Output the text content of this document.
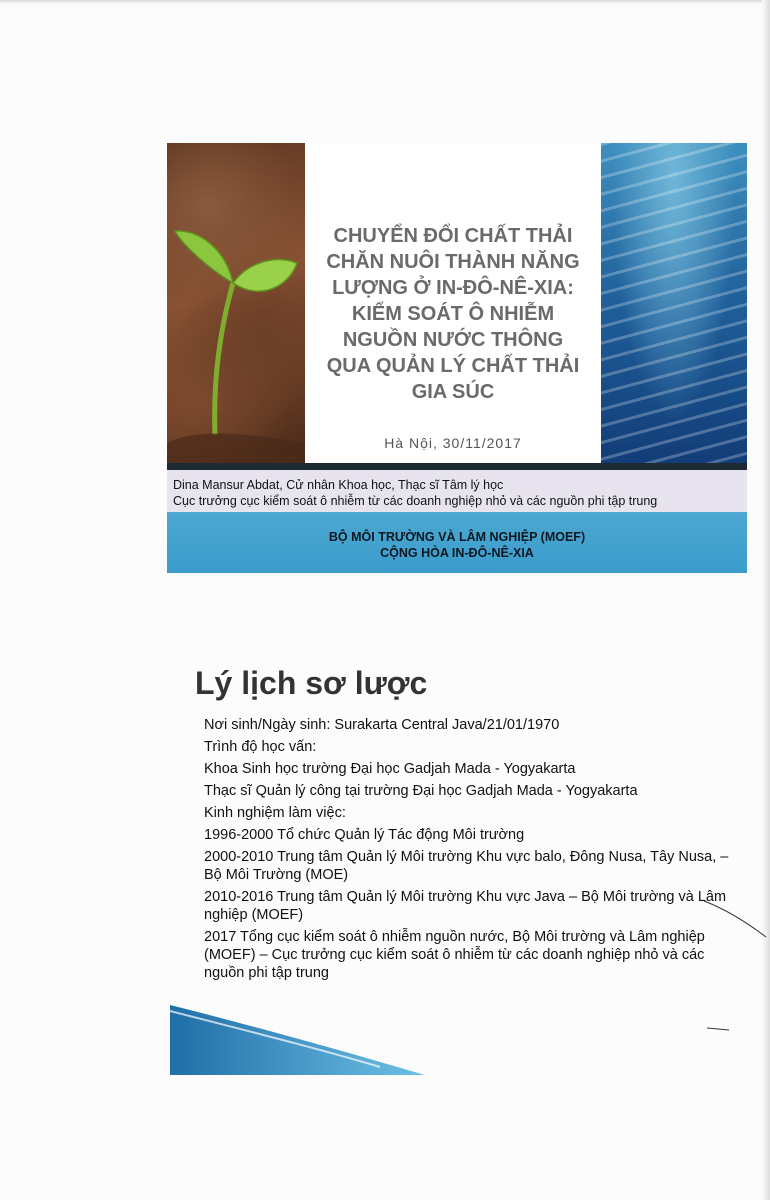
CHUYỂN ĐỔI CHẤT THẢI
CHĂN NUÔI THÀNH NĂNG
LƯỢNG Ở IN-ĐÔ-NÊ-XIA:
KIỂM SOÁT Ô NHIỄM
NGUỒN NƯỚC THÔNG
QUA QUẢN LÝ CHẤT THẢI
GIA SÚC
Hà Nội, 30/11/2017
Dina Mansur Abdat, Cử nhân Khoa học, Thạc sĩ Tâm lý học
Cục trưởng cục kiểm soát ô nhiễm từ các doanh nghiệp nhỏ và các nguồn phi tập trung
BỘ MÔI TRƯỜNG VÀ LÂM NGHIỆP (MOEF)
CỘNG HÒA IN-ĐÔ-NÊ-XIA
Lý lịch sơ lược
Nơi sinh/Ngày sinh: Surakarta Central Java/21/01/1970
Trình độ học vấn:
Khoa Sinh học trường Đại học Gadjah Mada - Yogyakarta
Thạc sĩ Quản lý công tại trường Đại học Gadjah Mada - Yogyakarta
Kinh nghiệm làm việc:
1996-2000 Tổ chức Quản lý Tác động Môi trường
2000-2010 Trung tâm Quản lý Môi trường Khu vực balo, Đông Nusa, Tây Nusa, – Bộ Môi Trường (MOE)
2010-2016 Trung tâm Quản lý Môi trường Khu vực Java – Bộ Môi trường và Lâm nghiệp (MOEF)
2017 Tổng cục kiểm soát ô nhiễm nguồn nước, Bộ Môi trường và Lâm nghiệp (MOEF) – Cục trưởng cục kiểm soát ô nhiễm từ các doanh nghiệp nhỏ và các nguồn phi tập trung
